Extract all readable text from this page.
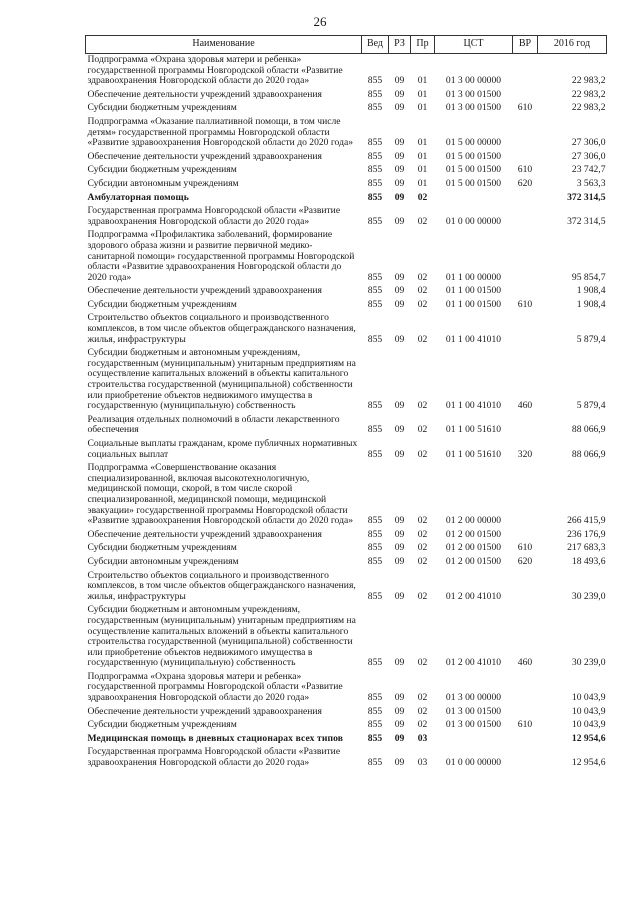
26
Наименование	Вед	РЗ	Пр	ЦСТ	ВР	2016 год
Подпрограмма «Охрана здоровья матери и ребенка» государственной программы Новгородской области «Развитие здравоохранения Новгородской области до 2020 года»	855	09	01	01 3 00 00000		22 983,2
Обеспечение деятельности учреждений здравоохранения	855	09	01	01 3 00 01500		22 983,2
Субсидии бюджетным учреждениям	855	09	01	01 3 00 01500	610	22 983,2
Подпрограмма «Оказание паллиативной помощи, в том числе детям» государственной программы Новгородской области «Развитие здравоохранения Новгородской области до 2020 года»	855	09	01	01 5 00 00000		27 306,0
Обеспечение деятельности учреждений здравоохранения	855	09	01	01 5 00 01500		27 306,0
Субсидии бюджетным учреждениям	855	09	01	01 5 00 01500	610	23 742,7
Субсидии автономным учреждениям	855	09	01	01 5 00 01500	620	3 563,3
Амбулаторная помощь	855	09	02			372 314,5
Государственная программа Новгородской области «Развитие здравоохранения Новгородской области до 2020 года»	855	09	02	01 0 00 00000		372 314,5
Подпрограмма «Профилактика заболеваний, формирование здорового образа жизни и развитие первичной медико-санитарной помощи» государственной программы Новгородской области «Развитие здравоохранения Новгородской области до 2020 года»	855	09	02	01 1 00 00000		95 854,7
Обеспечение деятельности учреждений здравоохранения	855	09	02	01 1 00 01500		1 908,4
Субсидии бюджетным учреждениям	855	09	02	01 1 00 01500	610	1 908,4
Строительство объектов социального и производственного комплексов, в том числе объектов общегражданского назначения, жилья, инфраструктуры	855	09	02	01 1 00 41010		5 879,4
Субсидии бюджетным и автономным учреждениям, государственным (муниципальным) унитарным предприятиям на осуществление капитальных вложений в объекты капитального строительства государственной (муниципальной) собственности или приобретение объектов недвижимого имущества в государственную (муниципальную) собственность	855	09	02	01 1 00 41010	460	5 879,4
Реализация отдельных полномочий в области лекарственного обеспечения	855	09	02	01 1 00 51610		88 066,9
Социальные выплаты гражданам, кроме публичных нормативных социальных выплат	855	09	02	01 1 00 51610	320	88 066,9
Подпрограмма «Совершенствование оказания специализированной, включая высокотехнологичную, медицинской помощи, скорой, в том числе скорой специализированной, медицинской помощи, медицинской эвакуации» государственной программы Новгородской области «Развитие здравоохранения Новгородской области до 2020 года»	855	09	02	01 2 00 00000		266 415,9
Обеспечение деятельности учреждений здравоохранения	855	09	02	01 2 00 01500		236 176,9
Субсидии бюджетным учреждениям	855	09	02	01 2 00 01500	610	217 683,3
Субсидии автономным учреждениям	855	09	02	01 2 00 01500	620	18 493,6
Строительство объектов социального и производственного комплексов, в том числе объектов общегражданского назначения, жилья, инфраструктуры	855	09	02	01 2 00 41010		30 239,0
Субсидии бюджетным и автономным учреждениям, государственным (муниципальным) унитарным предприятиям на осуществление капитальных вложений в объекты капитального строительства государственной (муниципальной) собственности или приобретение объектов недвижимого имущества в государственную (муниципальную) собственность	855	09	02	01 2 00 41010	460	30 239,0
Подпрограмма «Охрана здоровья матери и ребенка» государственной программы Новгородской области «Развитие здравоохранения Новгородской области до 2020 года»	855	09	02	01 3 00 00000		10 043,9
Обеспечение деятельности учреждений здравоохранения	855	09	02	01 3 00 01500		10 043,9
Субсидии бюджетным учреждениям	855	09	02	01 3 00 01500	610	10 043,9
Медицинская помощь в дневных стационарах всех типов	855	09	03			12 954,6
Государственная программа Новгородской области «Развитие здравоохранения Новгородской области до 2020 года»	855	09	03	01 0 00 00000		12 954,6
